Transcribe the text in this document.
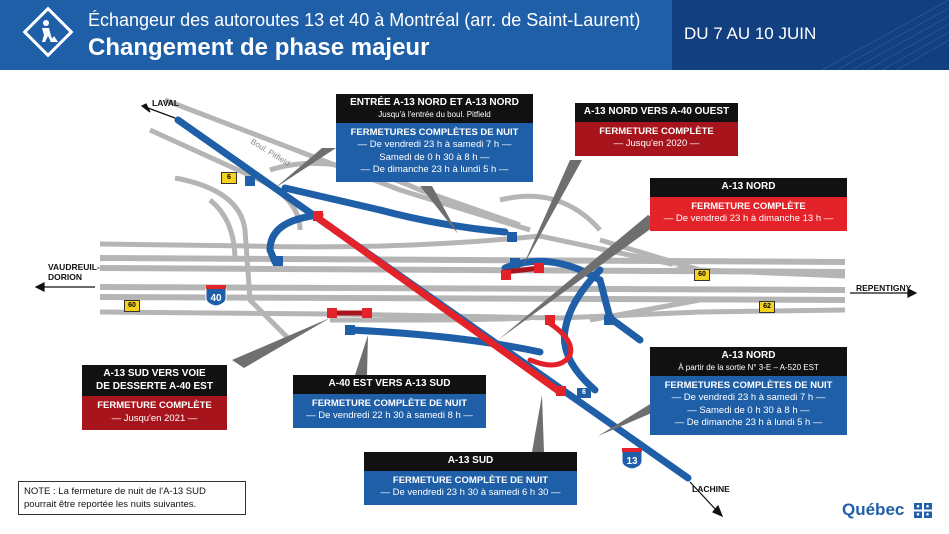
Échangeur des autoroutes 13 et 40 à Montréal (arr. de Saint-Laurent)
Changement de phase majeur
DU 7 AU 10 JUIN
40
13
6
60
60	62
6
LAVAL
VAUDREUIL-
DORION
REPENTIGNY
LACHINE
Boul. Pitfield
ENTRÉE A-13 NORD ET A-13 NORD
Jusqu'à l'entrée du boul. Pitfield
FERMETURES COMPLÈTES DE NUIT
— De vendredi 23 h à samedi 7 h —
Samedi de 0 h 30 à 8 h —
— De dimanche 23 h à lundi 5 h —
A-13 NORD VERS A-40 OUEST
FERMETURE COMPLÈTE
— Jusqu'en 2020 —
A-13 NORD
FERMETURE COMPLÈTE
— De vendredi 23 h à dimanche 13 h —
A-13 SUD VERS VOIE
DE DESSERTE A-40 EST
FERMETURE COMPLÈTE
— Jusqu'en 2021 —
A-40 EST VERS A-13 SUD
FERMETURE COMPLÈTE DE NUIT
— De vendredi 22 h 30 à samedi 8 h —
A-13 NORD
À partir de la sortie N° 3-E – A-520 EST
FERMETURES COMPLÈTES DE NUIT
— De vendredi 23 h à samedi 7 h —
— Samedi de 0 h 30 à 8 h —
— De dimanche 23 h à lundi 5 h —
A-13 SUD
FERMETURE COMPLÈTE DE NUIT
— De vendredi 23 h 30 à samedi 6 h 30 —
NOTE : La fermeture de nuit de l'A-13 SUD pourrait être reportée les nuits suivantes.	Québec
